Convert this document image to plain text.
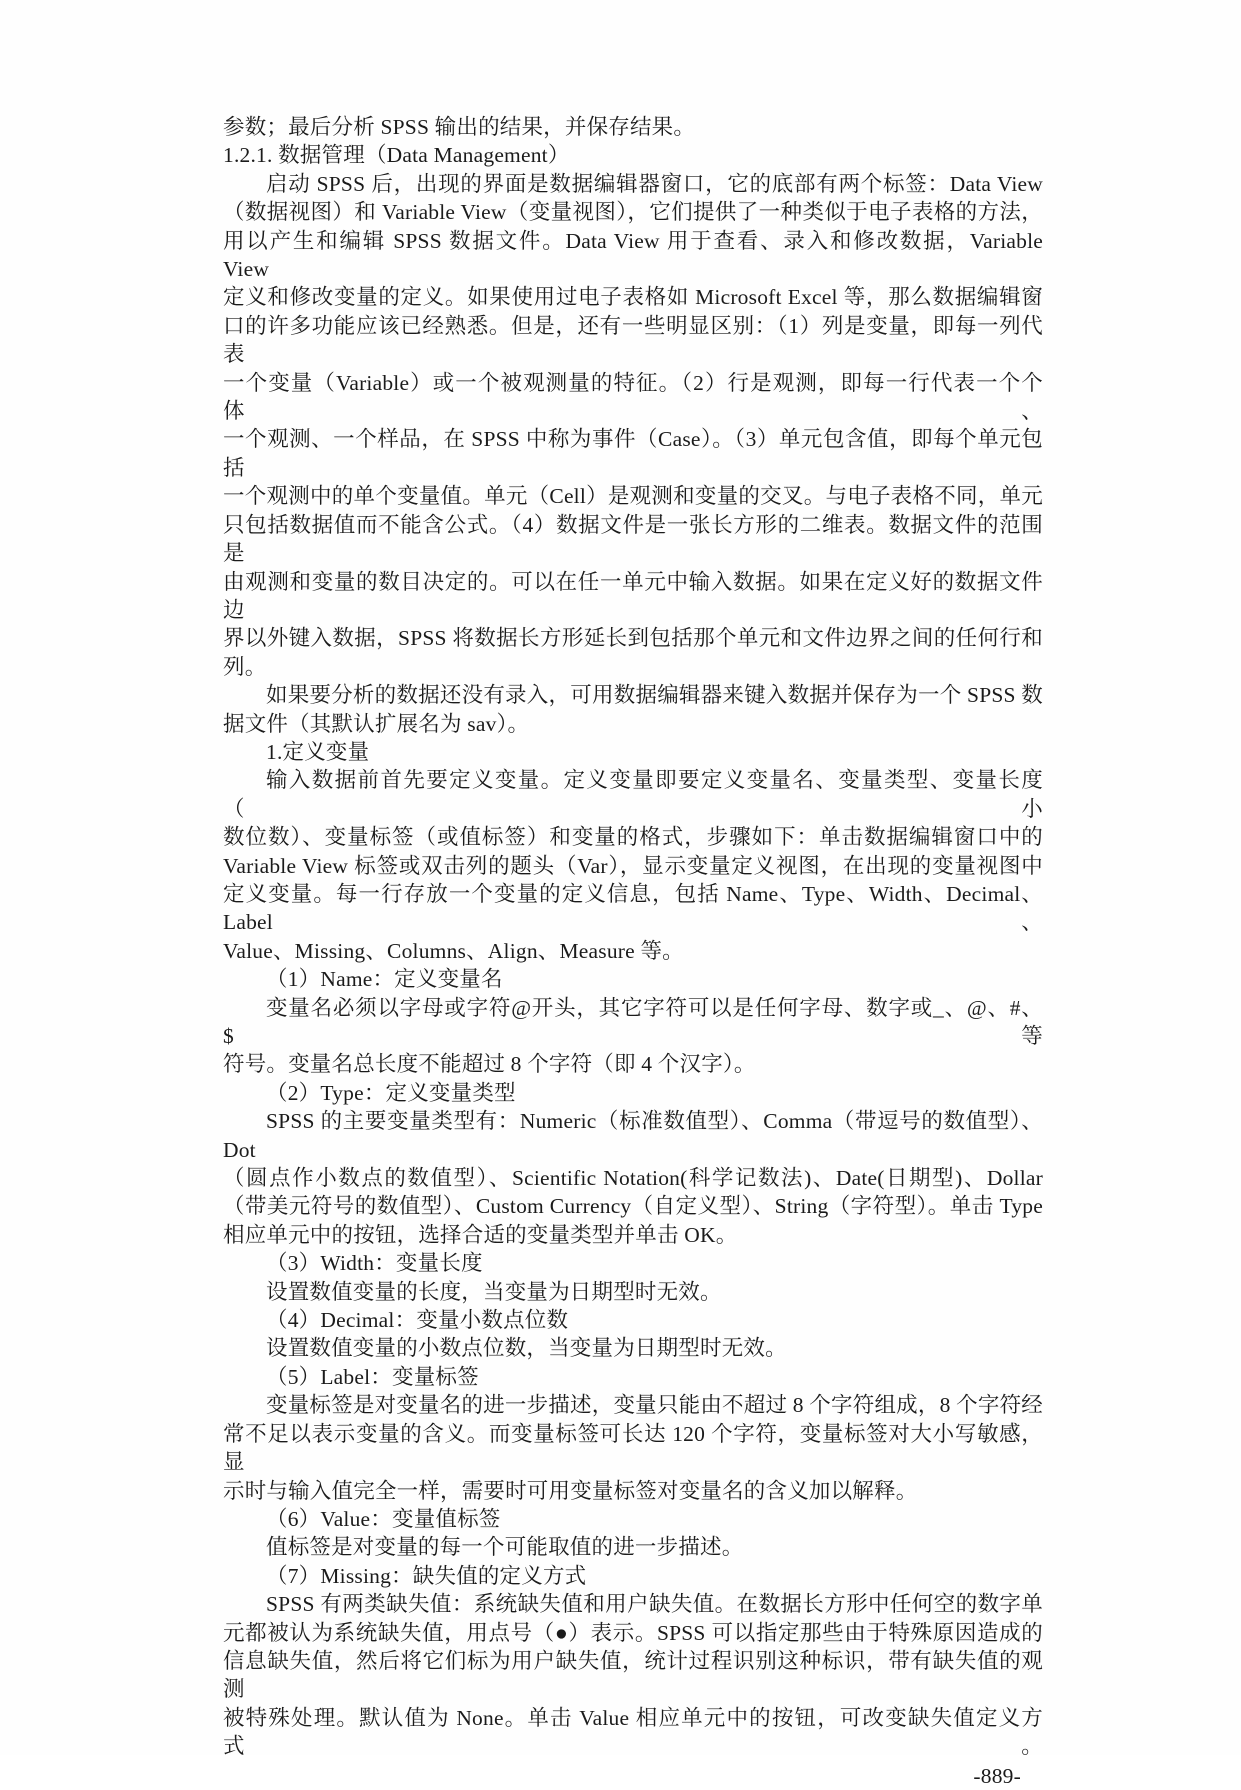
参数；最后分析 SPSS 输出的结果，并保存结果。
1.2.1. 数据管理（Data Management）
启动 SPSS 后，出现的界面是数据编辑器窗口，它的底部有两个标签：Data View
（数据视图）和 Variable View（变量视图），它们提供了一种类似于电子表格的方法，
用以产生和编辑 SPSS 数据文件。Data View 用于查看、录入和修改数据，Variable View
定义和修改变量的定义。如果使用过电子表格如 Microsoft Excel 等，那么数据编辑窗
口的许多功能应该已经熟悉。但是，还有一些明显区别：（1）列是变量，即每一列代表
一个变量（Variable）或一个被观测量的特征。（2）行是观测，即每一行代表一个个体、
一个观测、一个样品，在 SPSS 中称为事件（Case）。（3）单元包含值，即每个单元包括
一个观测中的单个变量值。单元（Cell）是观测和变量的交叉。与电子表格不同，单元
只包括数据值而不能含公式。（4）数据文件是一张长方形的二维表。数据文件的范围是
由观测和变量的数目决定的。可以在任一单元中输入数据。如果在定义好的数据文件边
界以外键入数据，SPSS 将数据长方形延长到包括那个单元和文件边界之间的任何行和
列。
如果要分析的数据还没有录入，可用数据编辑器来键入数据并保存为一个 SPSS 数
据文件（其默认扩展名为 sav）。
1.定义变量
输入数据前首先要定义变量。定义变量即要定义变量名、变量类型、变量长度（小
数位数）、变量标签（或值标签）和变量的格式，步骤如下：单击数据编辑窗口中的
Variable View 标签或双击列的题头（Var），显示变量定义视图，在出现的变量视图中
定义变量。每一行存放一个变量的定义信息，包括 Name、Type、Width、Decimal、Label、
Value、Missing、Columns、Align、Measure 等。
（1）Name：定义变量名
变量名必须以字母或字符@开头，其它字符可以是任何字母、数字或_、@、#、$等
符号。变量名总长度不能超过 8 个字符（即 4 个汉字）。
（2）Type：定义变量类型
SPSS 的主要变量类型有：Numeric（标准数值型）、Comma（带逗号的数值型）、Dot
（圆点作小数点的数值型）、Scientific Notation(科学记数法)、Date(日期型)、Dollar
（带美元符号的数值型）、Custom Currency（自定义型）、String（字符型）。单击 Type
相应单元中的按钮，选择合适的变量类型并单击 OK。
（3）Width：变量长度
设置数值变量的长度，当变量为日期型时无效。
（4）Decimal：变量小数点位数
设置数值变量的小数点位数，当变量为日期型时无效。
（5）Label：变量标签
变量标签是对变量名的进一步描述，变量只能由不超过 8 个字符组成，8 个字符经
常不足以表示变量的含义。而变量标签可长达 120 个字符，变量标签对大小写敏感，显
示时与输入值完全一样，需要时可用变量标签对变量名的含义加以解释。
（6）Value：变量值标签
值标签是对变量的每一个可能取值的进一步描述。
（7）Missing：缺失值的定义方式
SPSS 有两类缺失值：系统缺失值和用户缺失值。在数据长方形中任何空的数字单
元都被认为系统缺失值，用点号（●）表示。SPSS 可以指定那些由于特殊原因造成的
信息缺失值，然后将它们标为用户缺失值，统计过程识别这种标识，带有缺失值的观测
被特殊处理。默认值为 None。单击 Value 相应单元中的按钮，可改变缺失值定义方式。
-889-
